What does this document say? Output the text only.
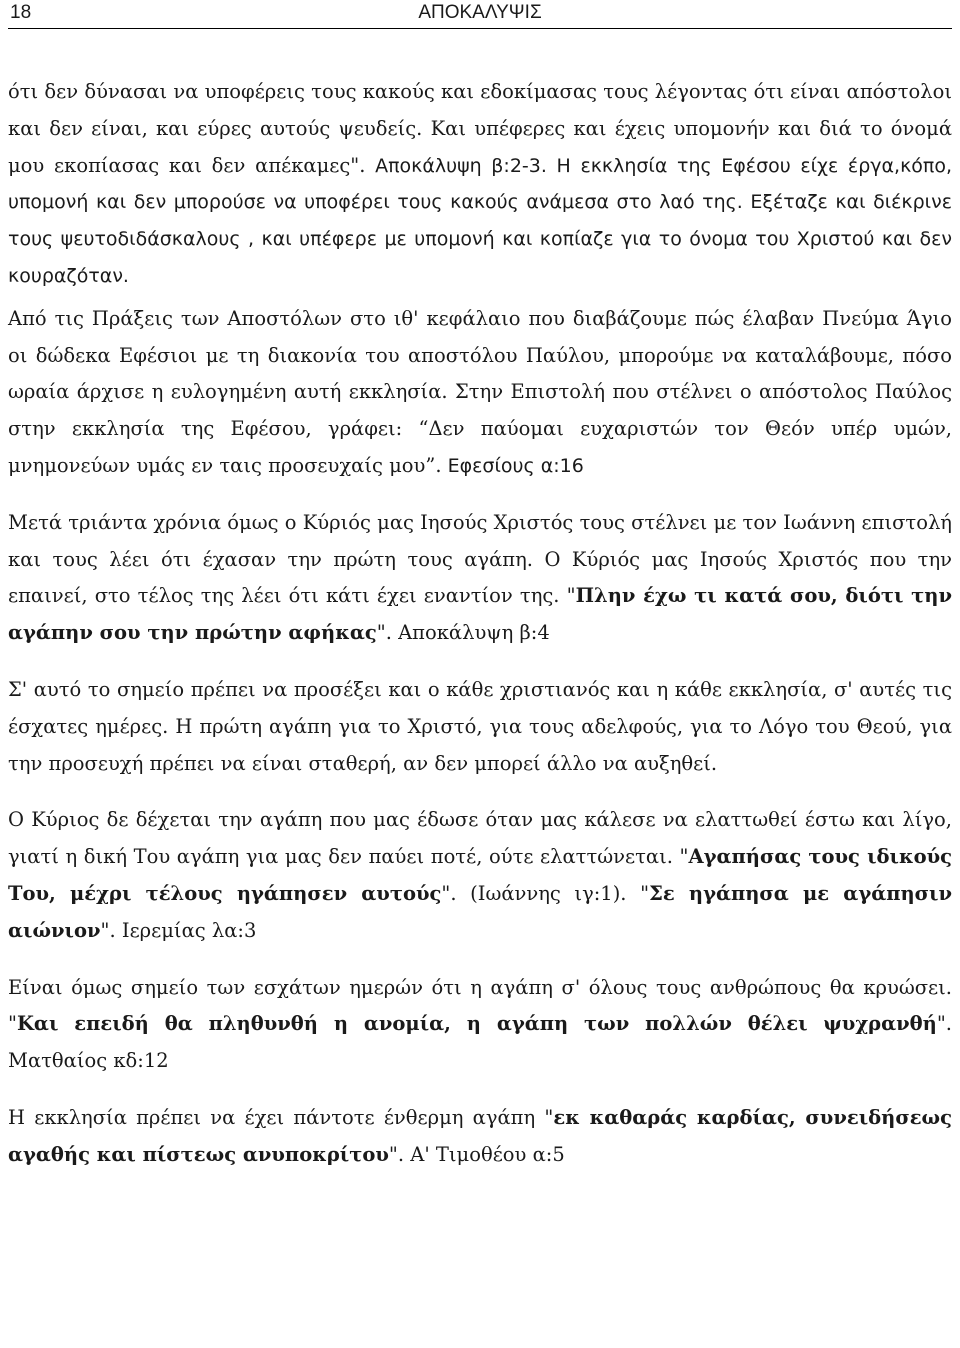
18	ΑΠΟΚΑΛΥΨΙΣ

ότι δεν δύνασαι να υποφέρεις τους κακούς και εδοκίμασας τους λέγοντας ότι είναι απόστολοι και δεν είναι, και εύρες αυτούς ψευδείς. Και υπέφερες και έχεις υπομονήν και διά το όνομά μου εκοπίασας και δεν απέκαμες". Αποκάλυψη β:2-3. Η εκκλησία της Εφέσου είχε έργα,κόπο, υπομονή και δεν μπορούσε να υποφέρει τους κακούς ανάμεσα στο λαό της. Εξέταζε και διέκρινε τους ψευτοδιδάσκαλους , και υπέφερε με υπομονή και κοπίαζε για το όνομα του Χριστού και δεν κουραζόταν.

Από τις Πράξεις των Αποστόλων στο ιθ' κεφάλαιο που διαβάζουμε πώς έλαβαν Πνεύμα Άγιο οι δώδεκα Εφέσιοι με τη διακονία του αποστόλου Παύλου, μπορούμε να καταλάβουμε, πόσο ωραία άρχισε η ευλογημένη αυτή εκκλησία. Στην Επιστολή που στέλνει ο απόστολος Παύλος στην εκκλησία της Εφέσου, γράφει: “Δεν παύομαι ευχαριστών τον Θεόν υπέρ υμών, μνημονεύων υμάς εν ταις προσευχαίς μου”. Εφεσίους α:16

Μετά τριάντα χρόνια όμως ο Κύριός μας Ιησούς Χριστός τους στέλνει με τον Ιωάννη επιστολή και τους λέει ότι έχασαν την πρώτη τους αγάπη. Ο Κύριός μας Ιησούς Χριστός που την επαινεί, στο τέλος της λέει ότι κάτι έχει εναντίον της. "Πλην έχω τι κατά σου, διότι την αγάπην σου την πρώτην αφήκας". Αποκάλυψη β:4

Σ' αυτό το σημείο πρέπει να προσέξει και ο κάθε χριστιανός και η κάθε εκκλησία, σ' αυτές τις έσχατες ημέρες. Η πρώτη αγάπη για το Χριστό, για τους αδελφούς, για το Λόγο του Θεού, για την προσευχή πρέπει να είναι σταθερή, αν δεν μπορεί άλλο να αυξηθεί.

Ο Κύριος δε δέχεται την αγάπη που μας έδωσε όταν μας κάλεσε να ελαττωθεί έστω και λίγο, γιατί η δική Του αγάπη για μας δεν παύει ποτέ, ούτε ελαττώνεται. "Αγαπήσας τους ιδικούς Του, μέχρι τέλους ηγάπησεν αυτούς". (Ιωάννης ιγ:1). "Σε ηγάπησα με αγάπησιν αιώνιον". Ιερεμίας λα:3

Είναι όμως σημείο των εσχάτων ημερών ότι η αγάπη σ' όλους τους ανθρώπους θα κρυώσει. "Και επειδή θα πληθυνθή η ανομία, η αγάπη των πολλών θέλει ψυχρανθή". Ματθαίος κδ:12

Η εκκλησία πρέπει να έχει πάντοτε ένθερμη αγάπη "εκ καθαράς καρδίας, συνειδήσεως αγαθής και πίστεως ανυποκρίτου". Α' Τιμοθέου α:5
